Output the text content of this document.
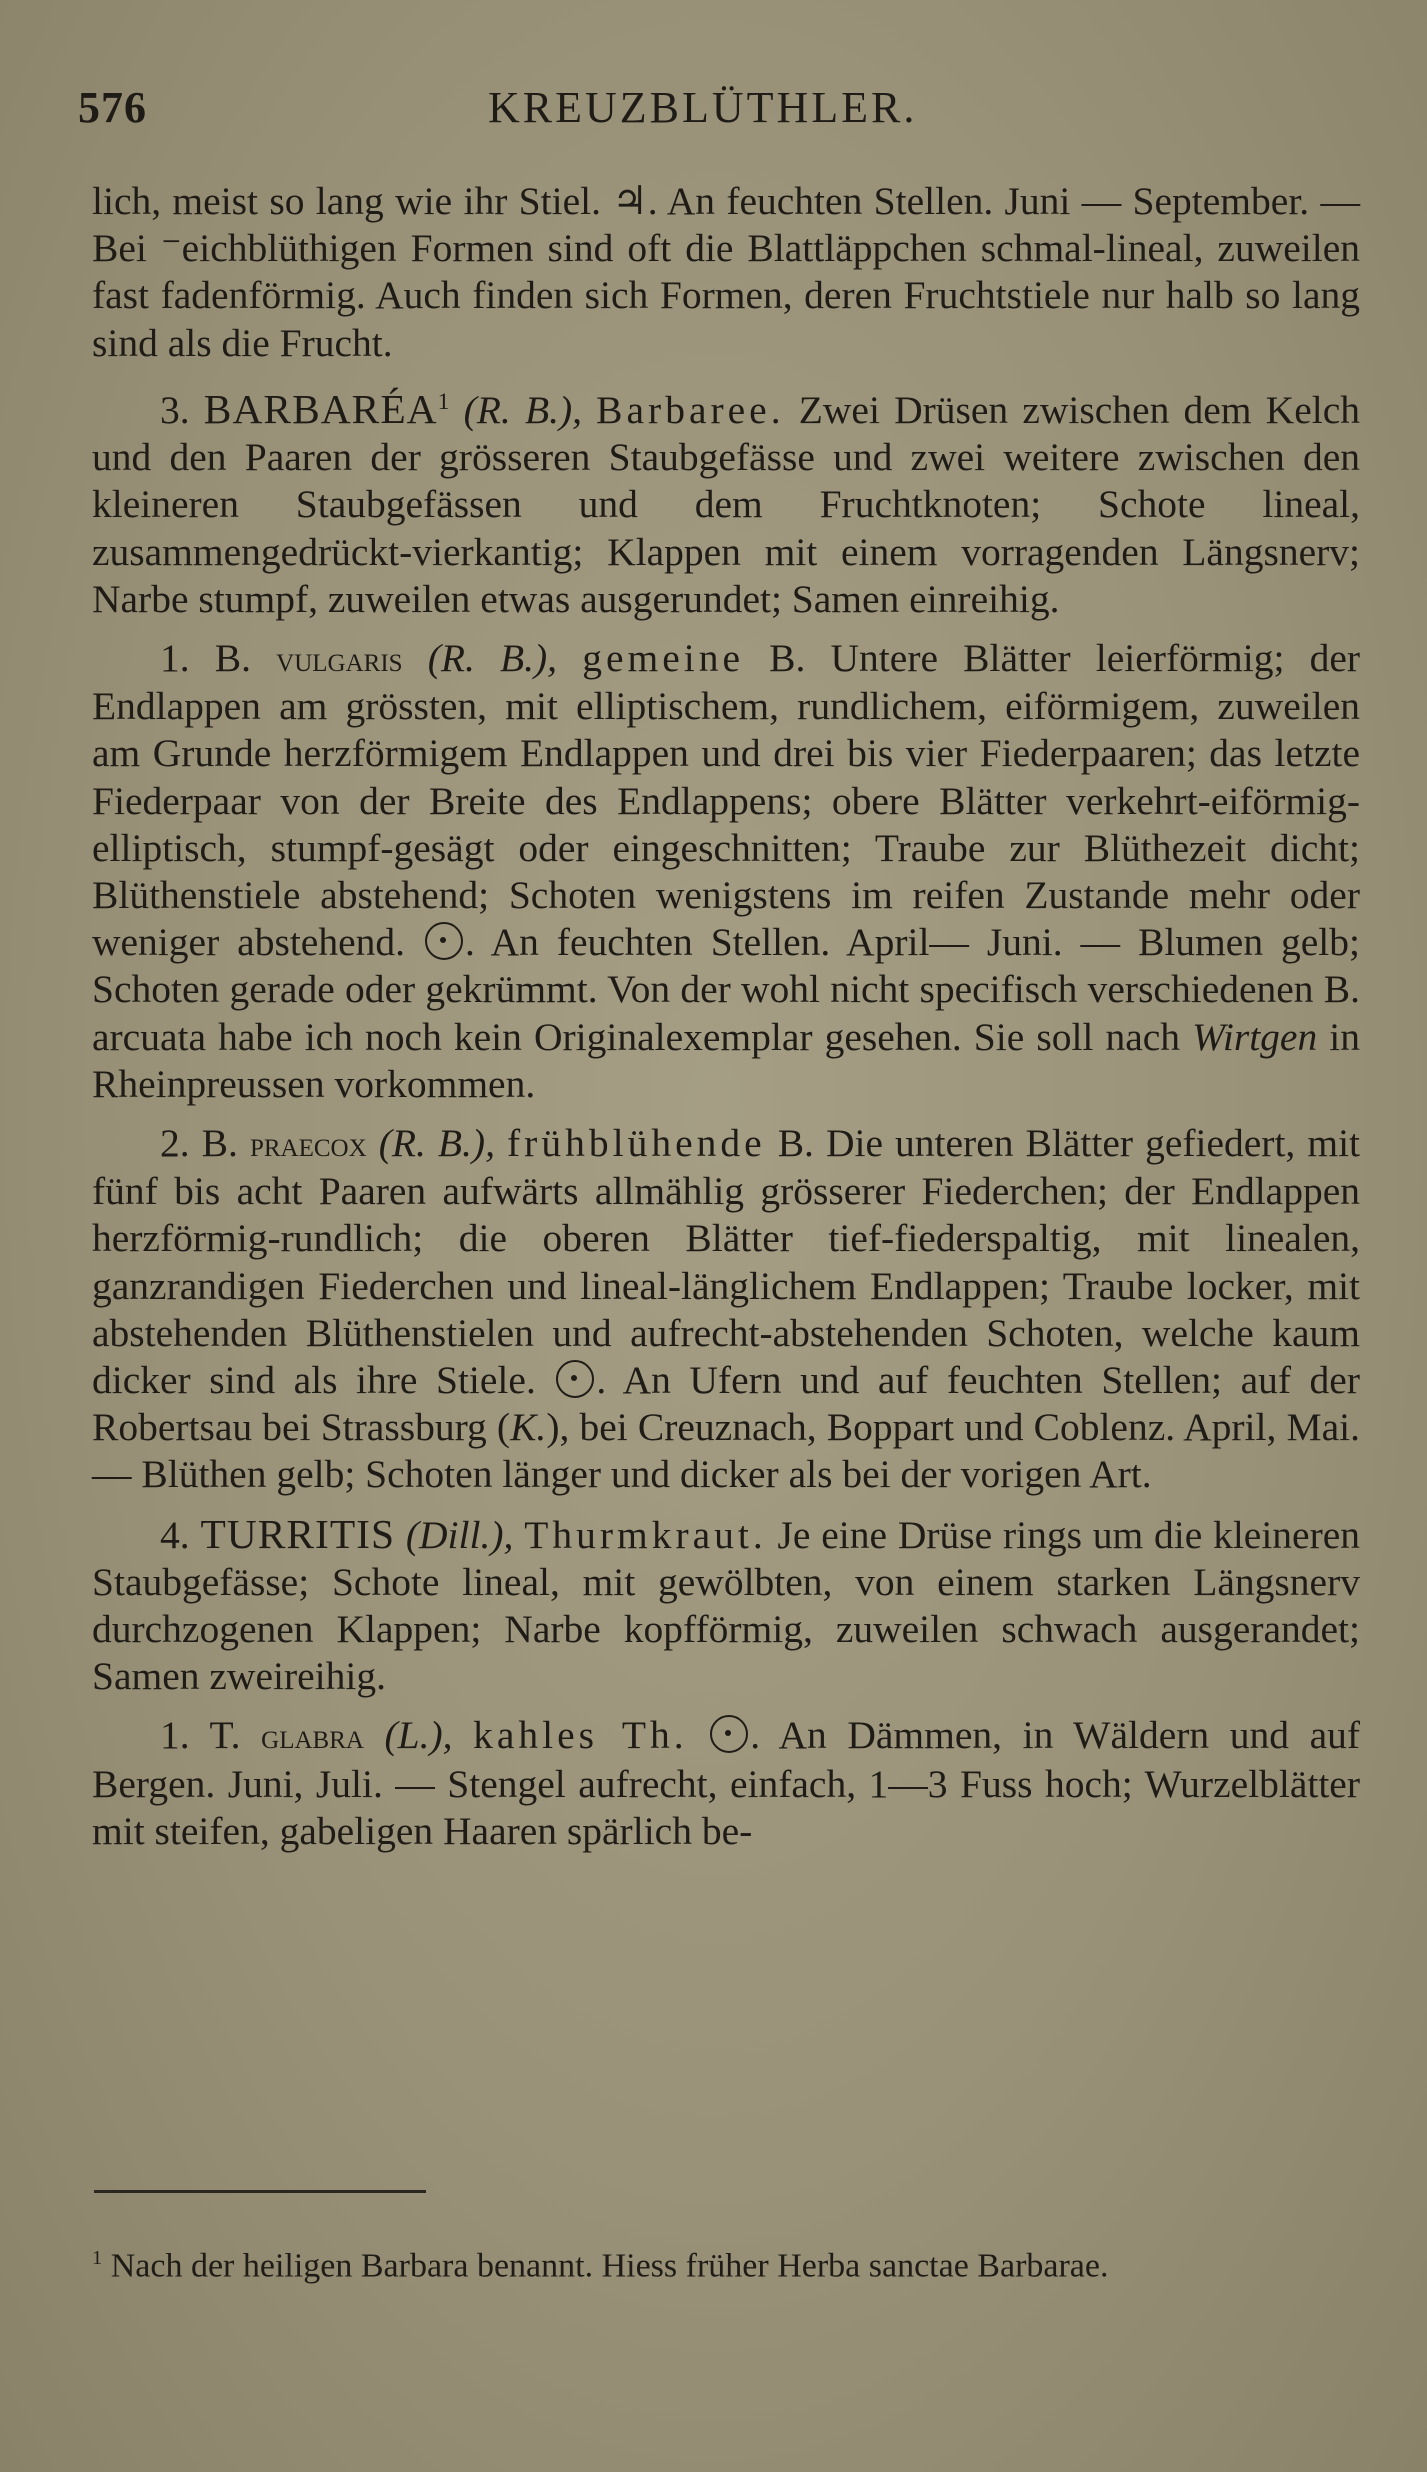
576	KREUZBLÜTHLER.

lich, meist so lang wie ihr Stiel. ♃. An feuchten Stellen. Juni — September. — Bei ⁻eichblüthigen Formen sind oft die Blattläppchen schmal-lineal, zuweilen fast fadenförmig. Auch finden sich Formen, deren Fruchtstiele nur halb so lang sind als die Frucht.

3. BARBARÉA$^1$ (R. B.), Barbaree. Zwei Drüsen zwischen dem Kelch und den Paaren der grösseren Staubgefässe und zwei weitere zwischen den kleineren Staubgefässen und dem Fruchtknoten; Schote lineal, zusammengedrückt-vierkantig; Klappen mit einem vorragenden Längsnerv; Narbe stumpf, zuweilen etwas ausgerundet; Samen einreihig.

1. B. vulgaris (R. B.), gemeine B. Untere Blätter leierförmig; der Endlappen am grössten, mit elliptischem, rundlichem, eiförmigem, zuweilen am Grunde herzförmigem Endlappen und drei bis vier Fiederpaaren; das letzte Fiederpaar von der Breite des Endlappens; obere Blätter verkehrt-eiförmig-elliptisch, stumpf-gesägt oder eingeschnitten; Traube zur Blüthezeit dicht; Blüthenstiele abstehend; Schoten wenigstens im reifen Zustande mehr oder weniger abstehend. . An feuchten Stellen. April— Juni. — Blumen gelb; Schoten gerade oder gekrümmt. Von der wohl nicht specifisch verschiedenen B. arcuata habe ich noch kein Originalexemplar gesehen. Sie soll nach Wirtgen in Rheinpreussen vorkommen.

2. B. praecox (R. B.), frühblühende B. Die unteren Blätter gefiedert, mit fünf bis acht Paaren aufwärts allmählig grösserer Fiederchen; der Endlappen herzförmig-rundlich; die oberen Blätter tief-fiederspaltig, mit linealen, ganzrandigen Fiederchen und lineal-länglichem Endlappen; Traube locker, mit abstehenden Blüthenstielen und aufrecht-abstehenden Schoten, welche kaum dicker sind als ihre Stiele. . An Ufern und auf feuchten Stellen; auf der Robertsau bei Strassburg (K.), bei Creuznach, Boppart und Coblenz. April, Mai. — Blüthen gelb; Schoten länger und dicker als bei der vorigen Art.

4. TURRITIS (Dill.), Thurmkraut. Je eine Drüse rings um die kleineren Staubgefässe; Schote lineal, mit gewölbten, von einem starken Längsnerv durchzogenen Klappen; Narbe kopfförmig, zuweilen schwach ausgerandet; Samen zweireihig.

1. T. glabra (L.), kahles Th. . An Dämmen, in Wäldern und auf Bergen. Juni, Juli. — Stengel aufrecht, einfach, 1—3 Fuss hoch; Wurzelblätter mit steifen, gabeligen Haaren spärlich be-

$^1$ Nach der heiligen Barbara benannt. Hiess früher Herba sanctae Barbarae.
